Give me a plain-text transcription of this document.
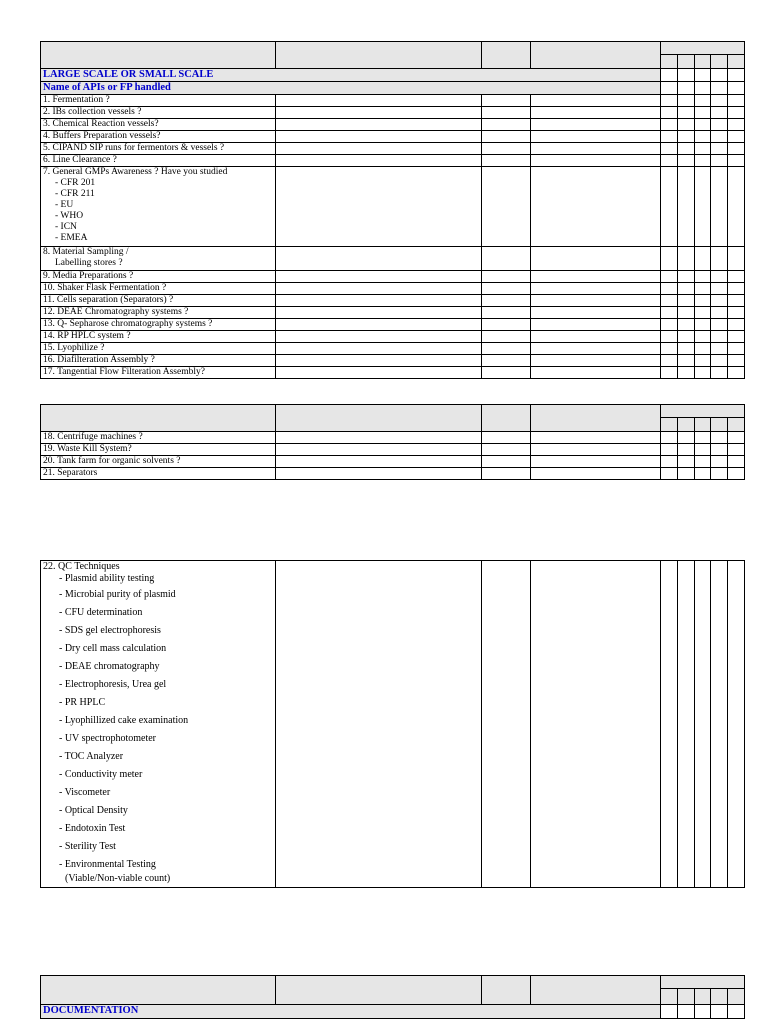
LARGE SCALE OR SMALL SCALE
Name of APIs or FP handled
1. Fermentation ?
2. IBs collection vessels ?
3. Chemical Reaction vessels?
4. Buffers Preparation vessels?
5. CIPAND SIP runs for fermentors & vessels ?
6. Line Clearance ?
7. General GMPs Awareness ? Have you studied
- CFR 201
- CFR 211
- EU
- WHO
- ICN
- EMEA
8. Material Sampling /
Labelling stores ?
9. Media Preparations ?
10. Shaker Flask Fermentation ?
11. Cells separation (Separators) ?
12. DEAE Chromatography systems ?
13. Q- Sepharose chromatography systems ?
14. RP HPLC system ?
15. Lyophilize ?
16. Diafilteration Assembly ?
17. Tangential Flow Filteration Assembly?
18. Centrifuge machines ?
19. Waste Kill System?
20. Tank farm for organic solvents ?
21. Separators
22. QC Techniques
- Plasmid ability testing
- Microbial purity of plasmid
- CFU determination
- SDS gel electrophoresis
- Dry cell mass calculation
- DEAE chromatography
- Electrophoresis, Urea gel
- PR HPLC
- Lyophillized cake examination
- UV spectrophotometer
- TOC Analyzer
- Conductivity meter
- Viscometer
- Optical Density
- Endotoxin Test
- Sterility Test
- Environmental Testing
(Viable/Non-viable count)
DOCUMENTATION
